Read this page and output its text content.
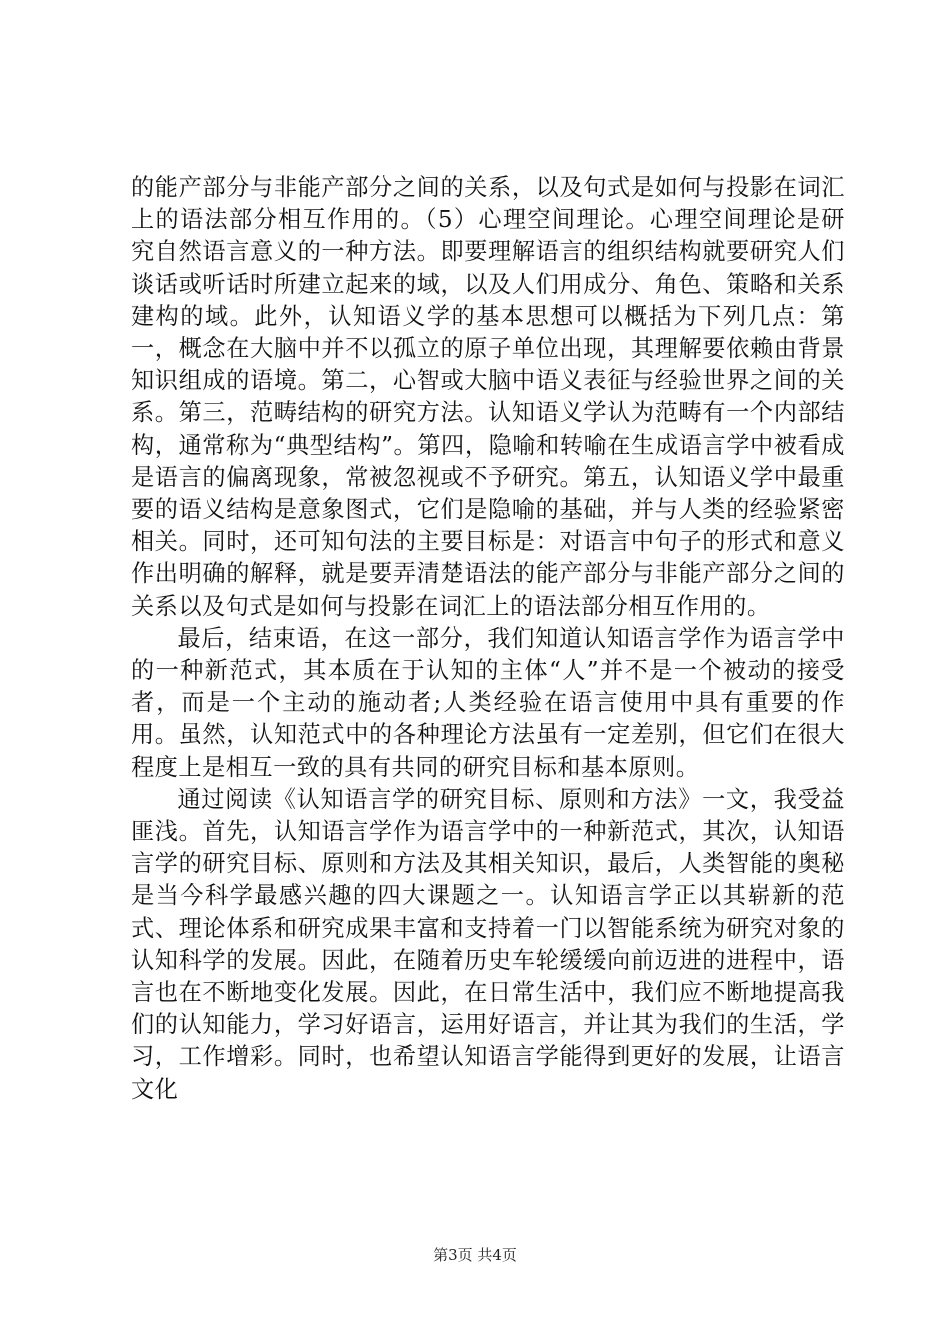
的能产部分与非能产部分之间的关系，以及句式是如何与投影在词汇上的语法部分相互作用的。（5）心理空间理论。心理空间理论是研究自然语言意义的一种方法。即要理解语言的组织结构就要研究人们谈话或听话时所建立起来的域，以及人们用成分、角色、策略和关系建构的域。此外，认知语义学的基本思想可以概括为下列几点：第一，概念在大脑中并不以孤立的原子单位出现，其理解要依赖由背景知识组成的语境。第二，心智或大脑中语义表征与经验世界之间的关系。第三，范畴结构的研究方法。认知语义学认为范畴有一个内部结构，通常称为“典型结构”。第四，隐喻和转喻在生成语言学中被看成是语言的偏离现象，常被忽视或不予研究。第五，认知语义学中最重要的语义结构是意象图式，它们是隐喻的基础，并与人类的经验紧密相关。同时，还可知句法的主要目标是：对语言中句子的形式和意义作出明确的解释，就是要弄清楚语法的能产部分与非能产部分之间的关系以及句式是如何与投影在词汇上的语法部分相互作用的。

最后，结束语，在这一部分，我们知道认知语言学作为语言学中的一种新范式，其本质在于认知的主体“人”并不是一个被动的接受者，而是一个主动的施动者;人类经验在语言使用中具有重要的作用。虽然，认知范式中的各种理论方法虽有一定差别，但它们在很大程度上是相互一致的具有共同的研究目标和基本原则。

通过阅读《认知语言学的研究目标、原则和方法》一文，我受益匪浅。首先，认知语言学作为语言学中的一种新范式，其次，认知语言学的研究目标、原则和方法及其相关知识，最后，人类智能的奥秘是当今科学最感兴趣的四大课题之一。认知语言学正以其崭新的范式、理论体系和研究成果丰富和支持着一门以智能系统为研究对象的认知科学的发展。因此，在随着历史车轮缓缓向前迈进的进程中，语言也在不断地变化发展。因此，在日常生活中，我们应不断地提高我们的认知能力，学习好语言，运用好语言，并让其为我们的生活，学习，工作增彩。同时，也希望认知语言学能得到更好的发展，让语言文化

第3页 共4页
